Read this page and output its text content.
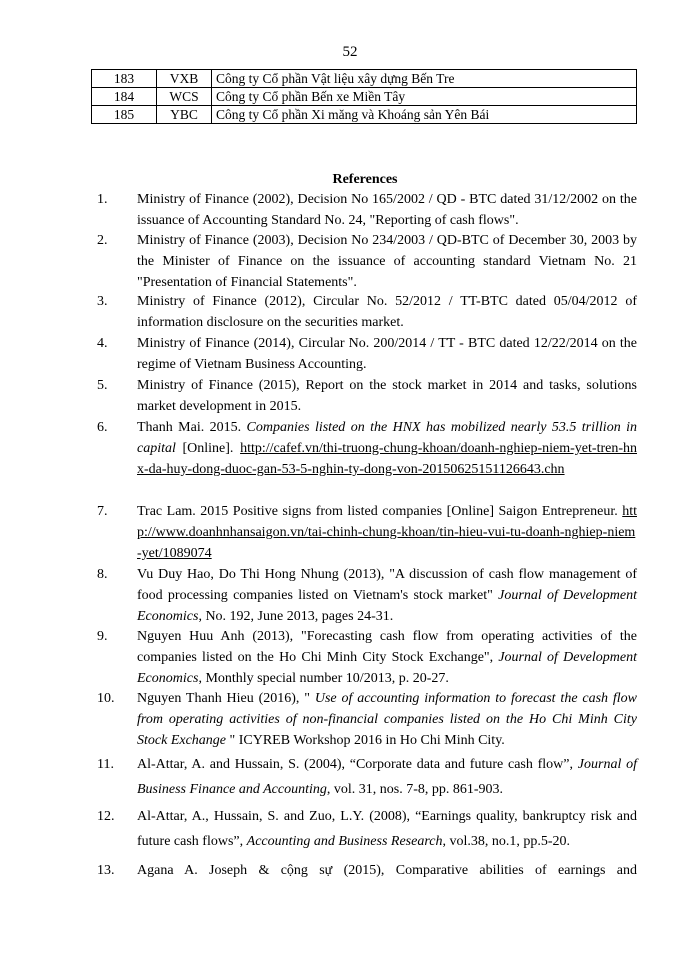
52
183	VXB	Công ty Cổ phần Vật liệu xây dựng Bến Tre
184	WCS	Công ty Cổ phần Bến xe Miền Tây
185	YBC	Công ty Cổ phần Xi măng và Khoáng sản Yên Bái
References
1. Ministry of Finance (2002), Decision No 165/2002 / QD - BTC dated 31/12/2002 on the issuance of Accounting Standard No. 24, "Reporting of cash flows".
2. Ministry of Finance (2003), Decision No 234/2003 / QD-BTC of December 30, 2003 by the Minister of Finance on the issuance of accounting standard Vietnam No. 21 "Presentation of Financial Statements".
3. Ministry of Finance (2012), Circular No. 52/2012 / TT-BTC dated 05/04/2012 of information disclosure on the securities market.
4. Ministry of Finance (2014), Circular No. 200/2014 / TT - BTC dated 12/22/2014 on the regime of Vietnam Business Accounting.
5. Ministry of Finance (2015), Report on the stock market in 2014 and tasks, solutions market development in 2015.
6. Thanh Mai. 2015. Companies listed on the HNX has mobilized nearly 53.5 trillion in capital [Online]. http://cafef.vn/thi-truong-chung-khoan/doanh-nghiep-niem-yet-tren-hnx-da-huy-dong-duoc-gan-53-5-nghin-ty-dong-von-20150625151126643.chn
7. Trac Lam. 2015 Positive signs from listed companies [Online] Saigon Entrepreneur. http://www.doanhnhansaigon.vn/tai-chinh-chung-khoan/tin-hieu-vui-tu-doanh-nghiep-niem-yet/1089074
8. Vu Duy Hao, Do Thi Hong Nhung (2013), "A discussion of cash flow management of food processing companies listed on Vietnam's stock market" Journal of Development Economics, No. 192, June 2013, pages 24-31.
9. Nguyen Huu Anh (2013), "Forecasting cash flow from operating activities of the companies listed on the Ho Chi Minh City Stock Exchange", Journal of Development Economics, Monthly special number 10/2013, p. 20-27.
10. Nguyen Thanh Hieu (2016), " Use of accounting information to forecast the cash flow from operating activities of non-financial companies listed on the Ho Chi Minh City Stock Exchange " ICYREB Workshop 2016 in Ho Chi Minh City.
11. Al-Attar, A. and Hussain, S. (2004), “Corporate data and future cash flow”, Journal of Business Finance and Accounting, vol. 31, nos. 7-8, pp. 861-903.
12. Al-Attar, A., Hussain, S. and Zuo, L.Y. (2008), “Earnings quality, bankruptcy risk and future cash flows”, Accounting and Business Research, vol.38, no.1, pp.5-20.
13. Agana A. Joseph & cộng sự (2015), Comparative abilities of earnings and
